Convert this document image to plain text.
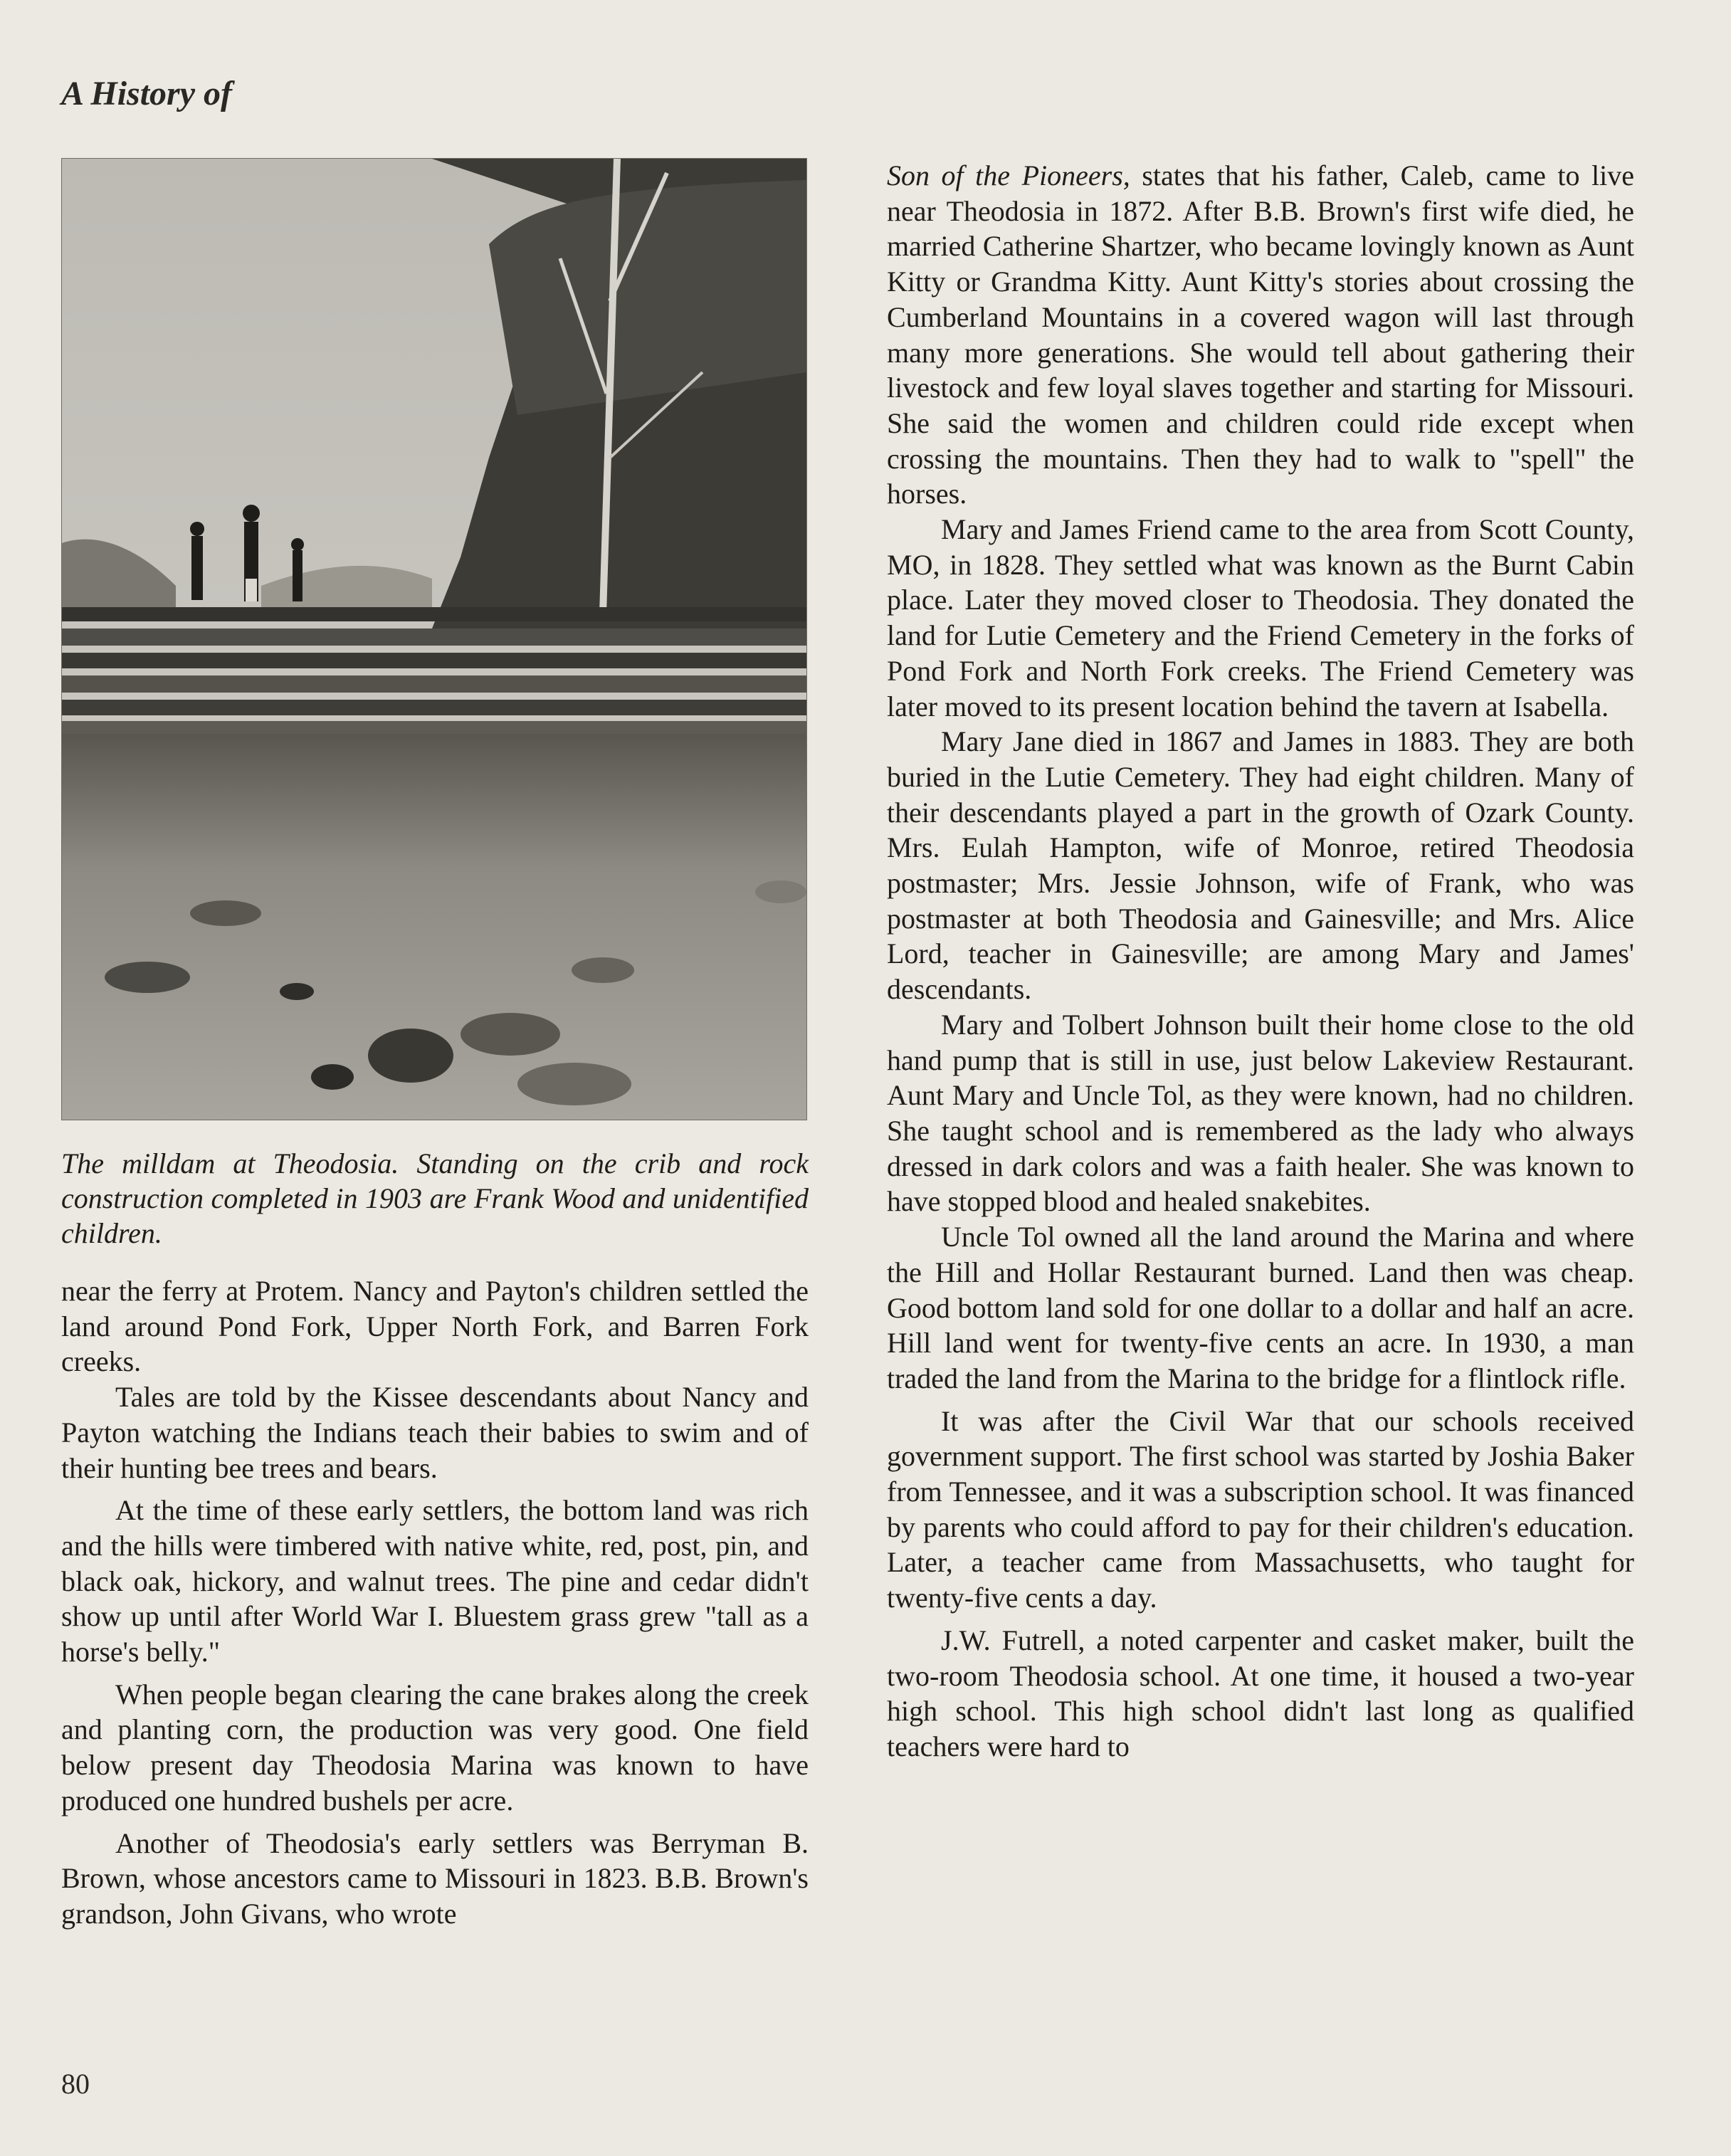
A History of
The milldam at Theodosia. Standing on the crib and rock construction completed in 1903 are Frank Wood and unidentified children.

near the ferry at Protem. Nancy and Payton's children settled the land around Pond Fork, Upper North Fork, and Barren Fork creeks.

Tales are told by the Kissee descendants about Nancy and Payton watching the Indians teach their babies to swim and of their hunting bee trees and bears.

At the time of these early settlers, the bottom land was rich and the hills were timbered with native white, red, post, pin, and black oak, hickory, and walnut trees. The pine and cedar didn't show up until after World War I. Bluestem grass grew "tall as a horse's belly."

When people began clearing the cane brakes along the creek and planting corn, the production was very good. One field below present day Theodosia Marina was known to have produced one hundred bushels per acre.

Another of Theodosia's early settlers was Berryman B. Brown, whose ancestors came to Missouri in 1823. B.B. Brown's grandson, John Givans, who wrote

Son of the Pioneers, states that his father, Caleb, came to live near Theodosia in 1872. After B.B. Brown's first wife died, he married Catherine Shartzer, who became lovingly known as Aunt Kitty or Grandma Kitty. Aunt Kitty's stories about crossing the Cumberland Mountains in a covered wagon will last through many more generations. She would tell about gathering their livestock and few loyal slaves together and starting for Missouri. She said the women and children could ride except when crossing the mountains. Then they had to walk to "spell" the horses.

Mary and James Friend came to the area from Scott County, MO, in 1828. They settled what was known as the Burnt Cabin place. Later they moved closer to Theodosia. They donated the land for Lutie Cemetery and the Friend Cemetery in the forks of Pond Fork and North Fork creeks. The Friend Cemetery was later moved to its present location behind the tavern at Isabella.

Mary Jane died in 1867 and James in 1883. They are both buried in the Lutie Cemetery. They had eight children. Many of their descendants played a part in the growth of Ozark County. Mrs. Eulah Hampton, wife of Monroe, retired Theodosia postmaster; Mrs. Jessie Johnson, wife of Frank, who was postmaster at both Theodosia and Gainesville; and Mrs. Alice Lord, teacher in Gainesville; are among Mary and James' descendants.

Mary and Tolbert Johnson built their home close to the old hand pump that is still in use, just below Lakeview Restaurant. Aunt Mary and Uncle Tol, as they were known, had no children. She taught school and is remembered as the lady who always dressed in dark colors and was a faith healer. She was known to have stopped blood and healed snakebites.

Uncle Tol owned all the land around the Marina and where the Hill and Hollar Restaurant burned. Land then was cheap. Good bottom land sold for one dollar to a dollar and half an acre. Hill land went for twenty-five cents an acre. In 1930, a man traded the land from the Marina to the bridge for a flintlock rifle.

It was after the Civil War that our schools received government support. The first school was started by Joshia Baker from Tennessee, and it was a subscription school. It was financed by parents who could afford to pay for their children's education. Later, a teacher came from Massachusetts, who taught for twenty-five cents a day.

J.W. Futrell, a noted carpenter and casket maker, built the two-room Theodosia school. At one time, it housed a two-year high school. This high school didn't last long as qualified teachers were hard to

80
